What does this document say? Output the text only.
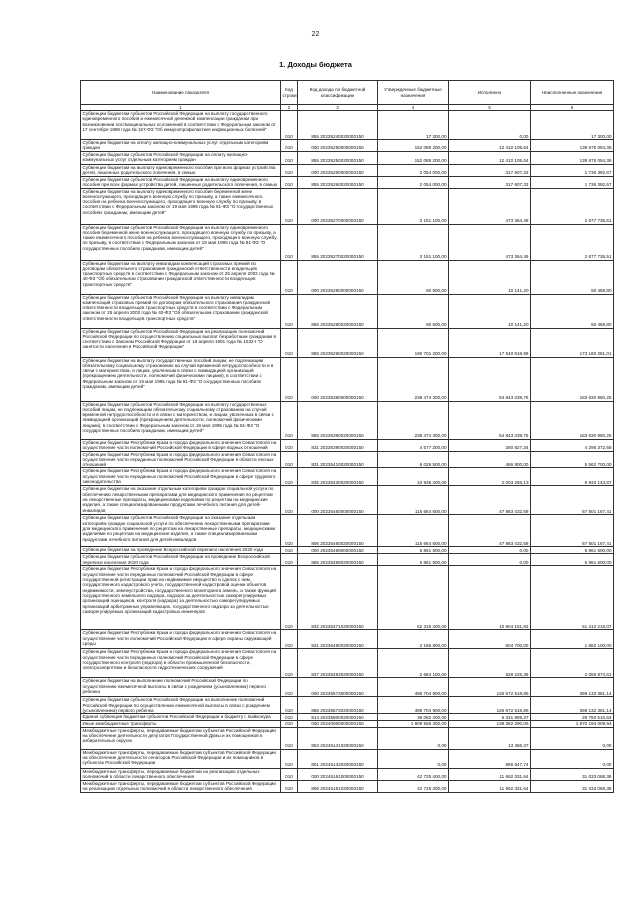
22
1. Доходы бюджета
Наименование показателя	Код строки	Код дохода по бюджетной классификации	Утвержденные бюджетные назначения	Исполнено	Неисполненные назначения
1	2	3	4	5	6
Субвенции бюджетам субъектов Российской Федерации на выплату государственного единовременного пособия и ежемесячной денежной компенсации гражданам при возникновении поствакцинальных осложнений в соответствии с Федеральным законом от 17 сентября 1998 года № 157-ФЗ "Об иммунопрофилактике инфекционных болезней"	010	855 20235240020000150	17 300,00	0,00	17 300,00
Субвенции бюджетам на оплату жилищно-коммунальных услуг отдельным категориям граждан	010	000 20235250000000150	152 085 200,00	12 410 105,64	139 675 094,36
Субвенции бюджетам субъектов Российской Федерации на оплату жилищно-коммунальных услуг отдельным категориям граждан	010	855 20235250020000150	152 085 200,00	12 410 105,64	139 675 094,36
Субвенции бюджетам на выплату единовременного пособия при всех формах устройства детей, лишенных родительского попечения, в семью	010	000 20235260000000150	2 054 000,00	317 607,33	1 736 392,67
Субвенции бюджетам субъектов Российской Федерации на выплату единовременного пособия при всех формах устройства детей, лишенных родительского попечения, в семью	010	855 20235260020000150	2 054 000,00	317 607,33	1 736 392,67
Субвенции бюджетам на выплату единовременного пособия беременной жене военнослужащего, проходящего военную службу по призыву, а также ежемесячного пособия на ребенка военнослужащего, проходящего военную службу по призыву, в соответствии с Федеральным законом от 19 мая 1995 года № 81-ФЗ "О государственных пособиях гражданам, имеющим детей"	010	000 20235270000000150	3 151 100,00	473 364,49	2 677 735,51
Субвенции бюджетам субъектов Российской Федерации на выплату единовременного пособия беременной жене военнослужащего, проходящего военную службу по призыву, а также ежемесячного пособия на ребенка военнослужащего, проходящего военную службу по призыву, в соответствии с Федеральным законом от 19 мая 1995 года № 81-ФЗ "О государственных пособиях гражданам, имеющим детей"	010	855 20235270020000150	3 151 100,00	473 364,49	2 677 735,51
Субвенции бюджетам на выплату инвалидам компенсаций страховых премий по договорам обязательного страхования гражданской ответственности владельцев транспортных средств в соответствии с Федеральным законом от 25 апреля 2002 года № 40-ФЗ "Об обязательном страховании гражданской ответственности владельцев транспортных средств"	010	000 20235280000000150	60 600,00	10 141,20	50 458,80
Субвенции бюджетам субъектов Российской Федерации на выплату инвалидам компенсаций страховых премий по договорам обязательного страхования гражданской ответственности владельцев транспортных средств в соответствии с Федеральным законом от 25 апреля 2002 года № 40-ФЗ "Об обязательном страховании гражданской ответственности владельцев транспортных средств"	010	855 20235280020000150	60 600,00	10 141,20	50 458,80
Субвенции бюджетам субъектов Российской Федерации на реализацию полномочий Российской Федерации по осуществлению социальных выплат безработным гражданам в соответствии с Законом Российской Федерации от 19 апреля 1991 года № 1032-I "О занятости населения в Российской Федерации"	010	855 20235290020000150	190 701 200,00	17 540 918,99	173 160 281,01
Субвенции бюджетам на выплату государственных пособий лицам, не подлежащим обязательному социальному страхованию на случай временной нетрудоспособности и в связи с материнством, и лицам, уволенным в связи с ликвидацией организаций (прекращением деятельности, полномочий физическими лицами), в соответствии с Федеральным законом от 19 мая 1995 года № 81-ФЗ "О государственных пособиях гражданам, имеющим детей"	010	000 20235380000000150	238 474 300,00	54 843 339,75	183 630 960,25
Субвенции бюджетам субъектов Российской Федерации на выплату государственных пособий лицам, не подлежащим обязательному социальному страхованию на случай временной нетрудоспособности и в связи с материнством, и лицам, уволенным в связи с ликвидацией организаций (прекращением деятельности, полномочий физическими лицами), в соответствии с Федеральным законом от 19 мая 1995 года № 81-ФЗ "О государственных пособиях гражданам, имеющим детей"	010	855 20235380020000150	238 474 300,00	54 843 339,75	183 630 960,25
Субвенции бюджетам Республики Крым и города федерального значения Севастополя на осуществление части полномочий Российской Федерации в сфере водных отношений	010	831 20235390020000150	4 577 200,00	280 827,34	4 296 372,66
Субвенции бюджетам Республики Крым и города федерального значения Севастополя на осуществление части переданных полномочий Российской Федерации в области лесных отношений	010	831 20235410020000150	6 029 500,00	466 800,00	5 562 700,00
Субвенции бюджетам Республики Крым и города федерального значения Севастополя на осуществление части переданных полномочий Российской Федерации в сфере трудового законодательства	010	835 20235430020000150	10 936 400,00	2 003 256,13	8 933 143,87
Субвенции бюджетам на оказание отдельным категориям граждан социальной услуги по обеспечению лекарственными препаратами для медицинского применения по рецептам на лекарственные препараты, медицинскими изделиями по рецептам на медицинские изделия, а также специализированными продуктами лечебного питания для детей-инвалидов	010	000 20235460000000150	115 664 600,00	47 863 432,59	67 801 167,41
Субвенции бюджетам субъектов Российской Федерации на оказание отдельным категориям граждан социальной услуги по обеспечению лекарственными препаратами для медицинского применения по рецептам на лекарственные препараты, медицинскими изделиями по рецептам на медицинские изделия, а также специализированными продуктами лечебного питания для детей-инвалидов	010	806 20235460020000150	115 664 600,00	47 863 432,59	67 801 167,41
Субвенции бюджетам на проведение Всероссийской переписи населения 2020 года	010	000 20235469000000150	6 861 600,00	0,00	6 861 600,00
Субвенции бюджетам субъектов Российской Федерации на проведение Всероссийской переписи населения 2020 года	010	865 20235469020000150	6 861 600,00	0,00	6 861 600,00
Субвенции бюджетам Республики Крым и города федерального значения Севастополя на осуществление части переданных полномочий Российской Федерации в сфере государственной регистрации прав на недвижимое имущество и сделок с ним, государственного кадастрового учета, государственной кадастровой оценки объектов недвижимости, землеустройства, государственного мониторинга земель, а также функций государственного земельного надзора, надзора за деятельностью саморегулируемых организаций оценщиков, контроля (надзора) за деятельностью саморегулируемых организаций арбитражных управляющих, государственного надзора за деятельностью саморегулируемых организаций кадастровых инженеров	010	832 20235471020000150	62 316 400,00	10 904 181,93	51 412 218,07
Субвенции бюджетам Республики Крым и города федерального значения Севастополя на осуществление части полномочий Российской Федерации в сфере охраны окружающей среды	010	831 20235490020000150	2 186 800,00	504 700,00	1 682 100,00
Субвенции бюджетам Республики Крым и города федерального значения Севастополя на осуществление части переданных полномочий Российской Федерации в сфере государственного контроля (надзора) в области промышленной безопасности, электроэнергетики и безопасности гидротехнических сооружений	010	837 20235493020000150	2 684 100,00	628 225,39	2 055 874,61
Субвенции бюджетам на выполнение полномочий Российской Федерации по осуществлению ежемесячной выплаты в связи с рождением (усыновлением) первого ребенка	010	000 20235573000000150	495 704 900,00	126 572 518,86	369 132 381,14
Субвенции бюджетам субъектов Российской Федерации на выполнение полномочий Российской Федерации по осуществлению ежемесячной выплаты в связи с рождением (усыновлением) первого ребенка	010	855 20235573020000150	495 704 900,00	126 572 518,86	369 132 381,14
Единая субвенция бюджетам субъектов Российской Федерации и бюджету г. Байконура	010	814 20235900020000150	36 082 400,00	6 331 889,37	29 750 510,63
Иные межбюджетные трансферты	010	000 20240000000000150	1 809 556 300,00	139 362 290,06	1 670 194 009,94
Межбюджетные трансферты, передаваемые бюджетам субъектов Российской Федерации на обеспечение деятельности депутатов Государственной Думы и их помощников в избирательных округах	010	853 20245141020000150	0,00	13 366,37	0,00
Межбюджетные трансферты, передаваемые бюджетам субъектов Российской Федерации на обеспечение деятельности сенаторов Российской Федерации и их помощников в субъектах Российской Федерации	010	801 20245142020000150	0,00	856 647,74	0,00
Межбюджетные трансферты, передаваемые бюджетам на реализацию отдельных полномочий в области лекарственного обеспечения	010	000 20245161000000150	42 725 400,00	11 692 331,64	31 033 068,36
Межбюджетные трансферты, передаваемые бюджетам субъектов Российской Федерации на реализацию отдельных полномочий в области лекарственного обеспечения	010	806 20245161020000150	42 725 400,00	11 692 331,64	31 033 068,36
